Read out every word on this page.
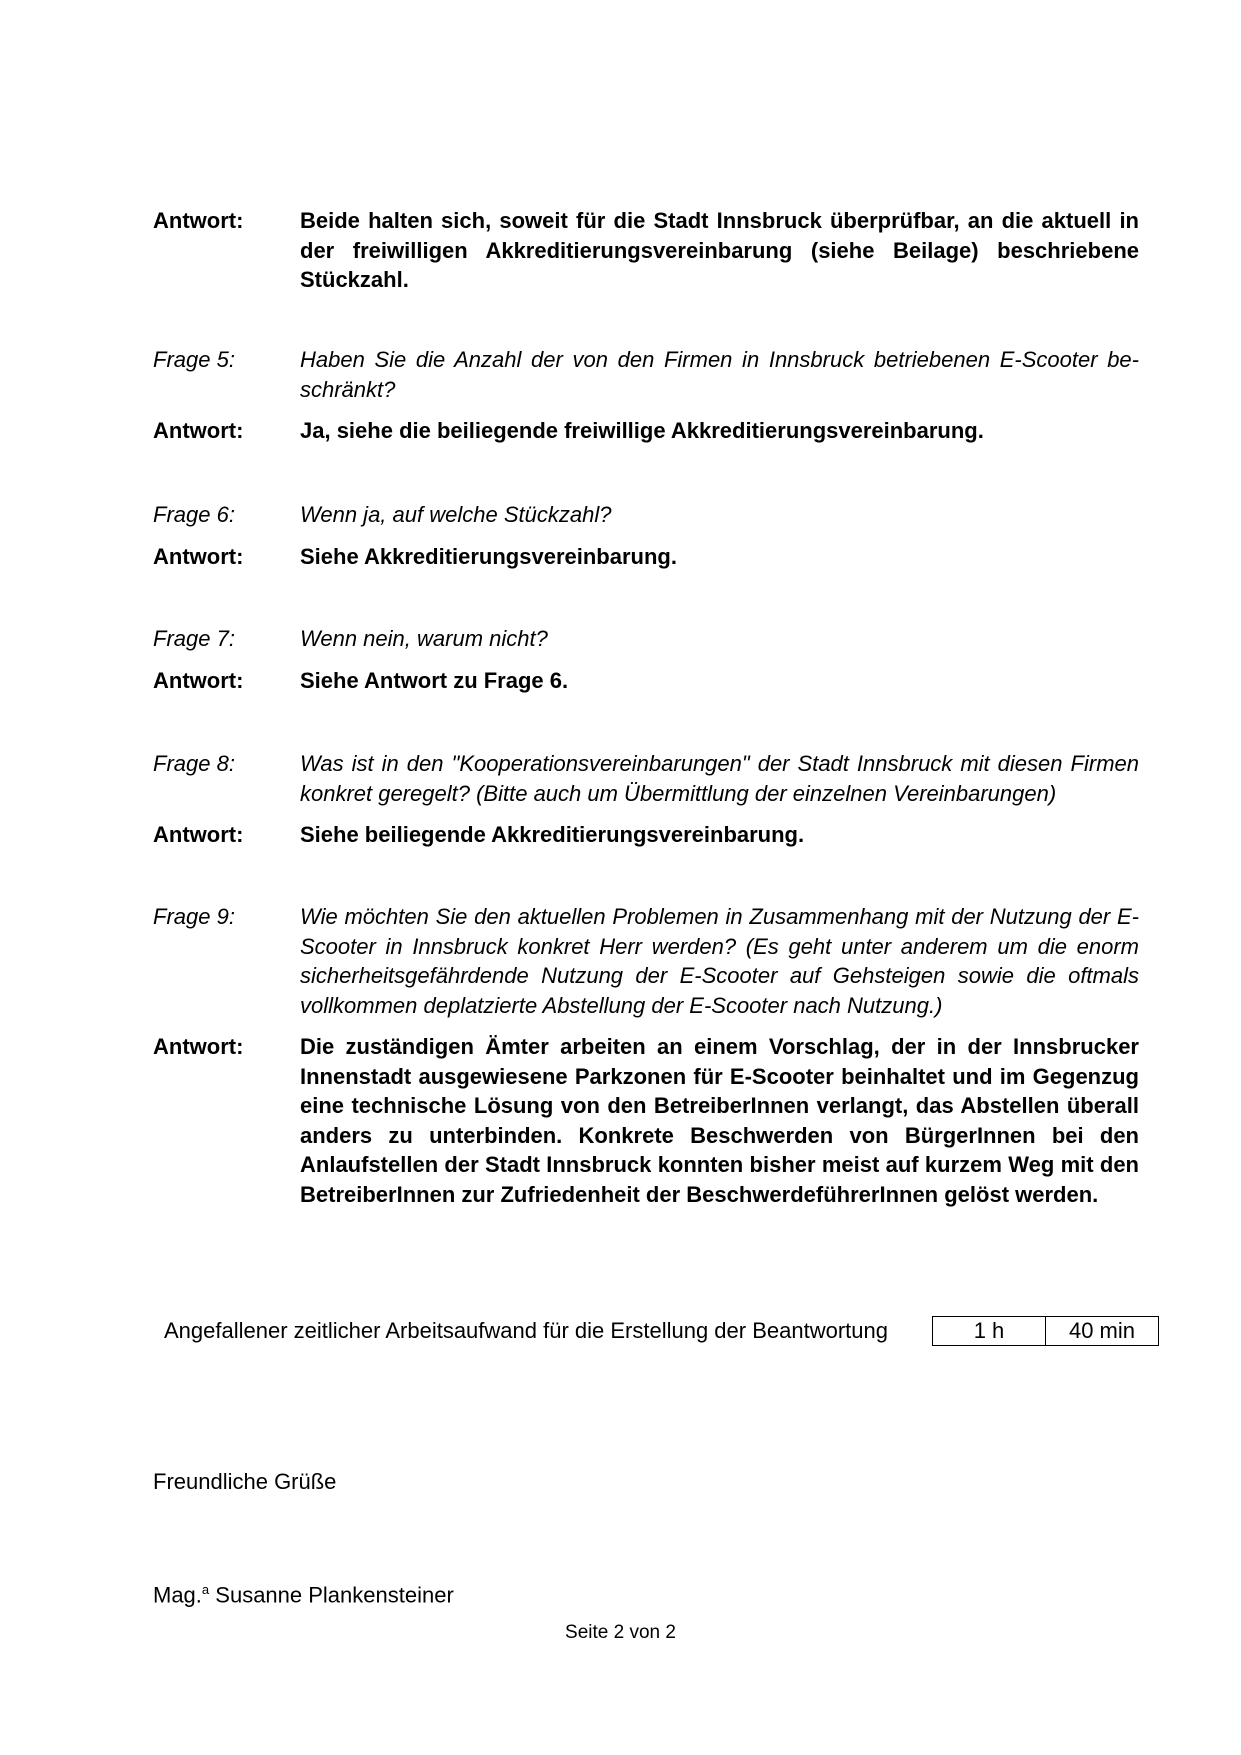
Antwort:	Beide halten sich, soweit für die Stadt Innsbruck überprüfbar, an die aktuell in der freiwilligen Akkreditierungsvereinbarung (siehe Beilage) beschriebene Stückzahl.
Frage 5:	Haben Sie die Anzahl der von den Firmen in Innsbruck betriebenen E-Scooter beschränkt?
Antwort:	Ja, siehe die beiliegende freiwillige Akkreditierungsvereinbarung.
Frage 6:	Wenn ja, auf welche Stückzahl?
Antwort:	Siehe Akkreditierungsvereinbarung.
Frage 7:	Wenn nein, warum nicht?
Antwort:	Siehe Antwort zu Frage 6.
Frage 8:	Was ist in den "Kooperationsvereinbarungen" der Stadt Innsbruck mit diesen Firmen konkret geregelt? (Bitte auch um Übermittlung der einzelnen Vereinbarungen)
Antwort:	Siehe beiliegende Akkreditierungsvereinbarung.
Frage 9:	Wie möchten Sie den aktuellen Problemen in Zusammenhang mit der Nutzung der E-Scooter in Innsbruck konkret Herr werden? (Es geht unter anderem um die enorm sicherheitsgefährdende Nutzung der E-Scooter auf Gehsteigen sowie die oftmals vollkommen deplatzierte Abstellung der E-Scooter nach Nutzung.)
Antwort:	Die zuständigen Ämter arbeiten an einem Vorschlag, der in der Innsbrucker Innenstadt ausgewiesene Parkzonen für E-Scooter beinhaltet und im Gegenzug eine technische Lösung von den BetreiberInnen verlangt, das Abstellen überall anders zu unterbinden. Konkrete Beschwerden von BürgerInnen bei den Anlaufstellen der Stadt Innsbruck konnten bisher meist auf kurzem Weg mit den BetreiberInnen zur Zufriedenheit der BeschwerdeführerInnen gelöst werden.
Angefallener zeitlicher Arbeitsaufwand für die Erstellung der Beantwortung	1 h	40 min
Freundliche Grüße
Mag.$^a$ Susanne Plankensteiner
Seite 2 von 2
